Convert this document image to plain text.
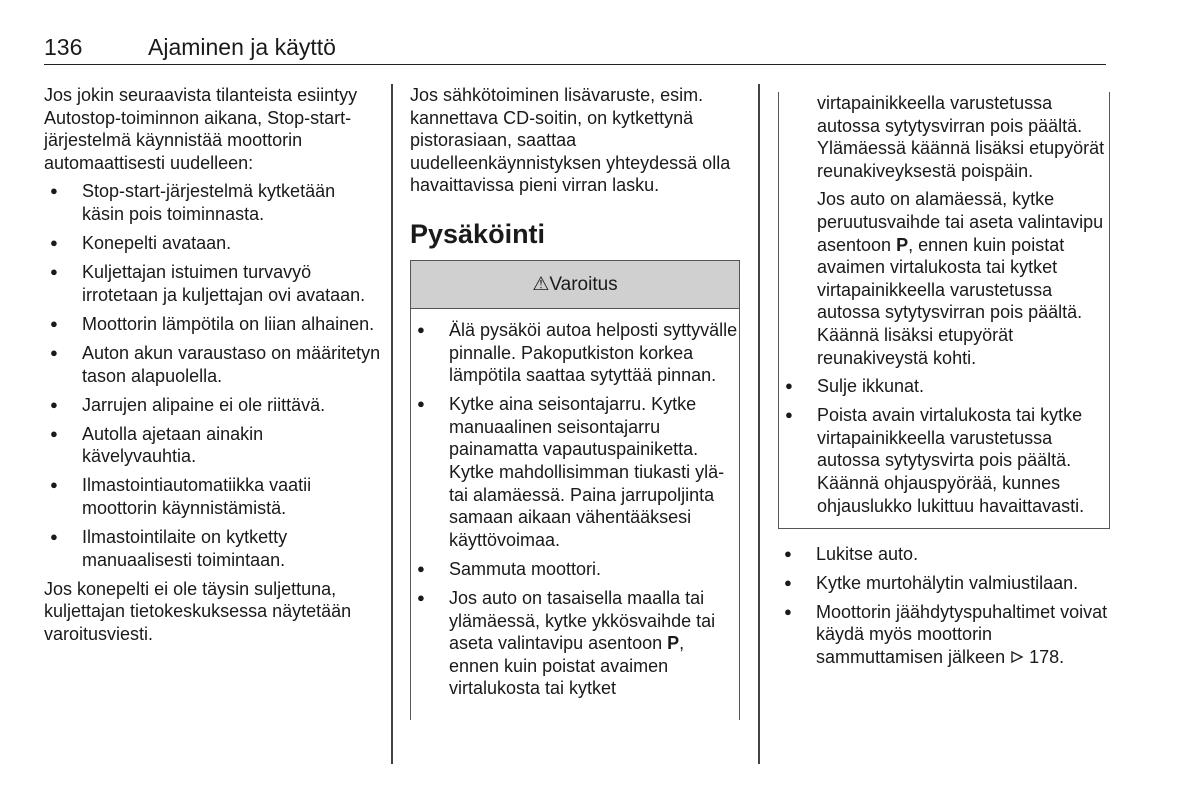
136	Ajaminen ja käyttö

Jos jokin seuraavista tilanteista esiintyy Autostop-toiminnon aikana, Stop-start-järjestelmä käynnistää moottorin automaattisesti uudelleen:

● Stop-start-järjestelmä kytketään käsin pois toiminnasta.
● Konepelti avataan.
● Kuljettajan istuimen turvavyö irrotetaan ja kuljettajan ovi avataan.
● Moottorin lämpötila on liian alhainen.
● Auton akun varaustaso on määritetyn tason alapuolella.
● Jarrujen alipaine ei ole riittävä.
● Autolla ajetaan ainakin kävelyvauhtia.
● Ilmastointiautomatiikka vaatii moottorin käynnistämistä.
● Ilmastointilaite on kytketty manuaalisesti toimintaan.

Jos konepelti ei ole täysin suljettuna, kuljettajan tietokeskuksessa näytetään varoitusviesti.

Jos sähkötoiminen lisävaruste, esim. kannettava CD-soitin, on kytkettynä pistorasiaan, saattaa uudelleenkäynnistyksen yhteydessä olla havaittavissa pieni virran lasku.

Pysäköinti
⚠Varoitus
● Älä pysäköi autoa helposti syttyvälle pinnalle. Pakoputkiston korkea lämpötila saattaa sytyttää pinnan.
● Kytke aina seisontajarru. Kytke manuaalinen seisontajarru painamatta vapautuspainiketta. Kytke mahdollisimman tiukasti ylä- tai alamäessä. Paina jarrupoljinta samaan aikaan vähentääksesi käyttövoimaa.
● Sammuta moottori.
● Jos auto on tasaisella maalla tai ylämäessä, kytke ykkösvaihde tai aseta valintavipu asentoon P, ennen kuin poistat avaimen virtalukosta tai kytket

virtapainikkeella varustetussa autossa sytytysvirran pois päältä. Ylämäessä käännä lisäksi etupyörät reunakiveyksestä poispäin.

Jos auto on alamäessä, kytke peruutusvaihde tai aseta valintavipu asentoon P, ennen kuin poistat avaimen virtalukosta tai kytket virtapainikkeella varustetussa autossa sytytysvirran pois päältä. Käännä lisäksi etupyörät reunakiveystä kohti.

● Sulje ikkunat.
● Poista avain virtalukosta tai kytke virtapainikkeella varustetussa autossa sytytysvirta pois päältä. Käännä ohjauspyörää, kunnes ohjauslukko lukittuu havaittavasti.
● Lukitse auto.
● Kytke murtohälytin valmiustilaan.
● Moottorin jäähdytyspuhaltimet voivat käydä myös moottorin sammuttamisen jälkeen 178.
